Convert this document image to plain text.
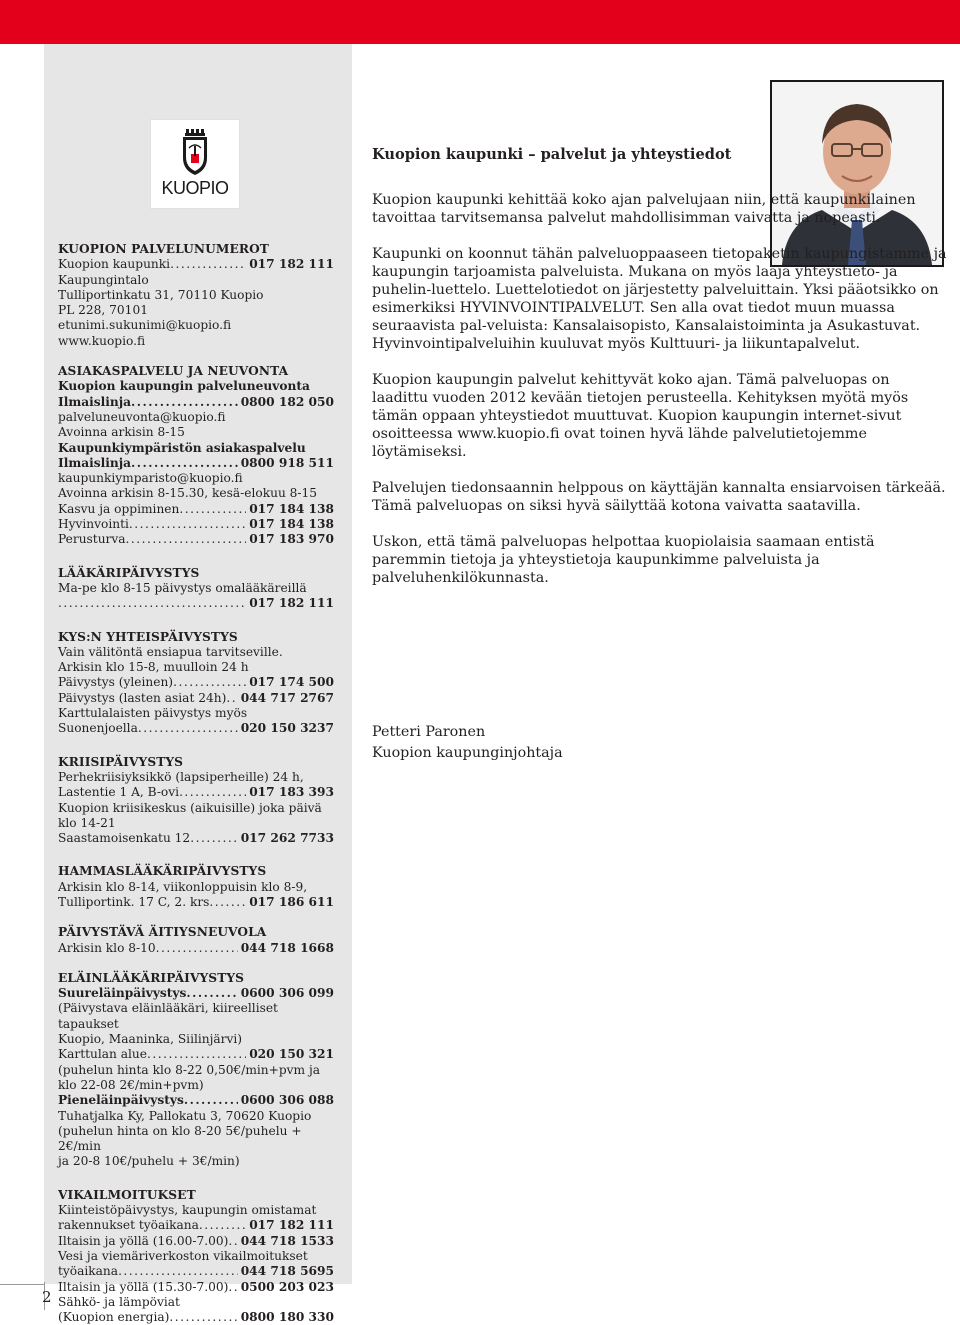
2
KUOPIO
KUOPION PALVELUNUMEROT
Kuopion kaupunki .....	017 182 111
Kaupungintalo
Tulliportinkatu 31, 70110 Kuopio
PL 228, 70101
etunimi.sukunimi@kuopio.fi
www.kuopio.fi
ASIAKASPALVELU JA NEUVONTA
Kuopion kaupungin palveluneuvonta
Ilmaislinja .....	0800 182 050
palveluneuvonta@kuopio.fi
Avoinna arkisin 8-15
Kaupunkiympäristön asiakaspalvelu
Ilmaislinja .....	0800 918 511
kaupunkiymparisto@kuopio.fi
Avoinna arkisin 8-15.30, kesä-elokuu 8-15
Kasvu ja oppiminen .....	017 184 138
Hyvinvointi .....	017 184 138
Perusturva .....	017 183 970
LÄÄKÄRIPÄIVYSTYS
Ma-pe klo 8-15 päivystys omalääkäreillä
.....
017 182 111
KYS:N YHTEISPÄIVYSTYS
Vain välitöntä ensiapua tarvitseville.
Arkisin klo 15-8, muulloin 24 h
Päivystys (yleinen) .....	017 174 500
Päivystys (lasten asiat 24h) ..... 044 717 2767
Karttulalaisten päivystys myös
Suonenjoella .....	020 150 3237
KRIISIPÄIVYSTYS
Perhekriisiyksikkö (lapsiperheille) 24 h,
Lastentie 1 A, B-ovi .....	017 183 393
Kuopion kriisikeskus (aikuisille) joka päivä klo 14-21
Saastamoisenkatu 12 .....	017 262 7733
HAMMASLÄÄKÄRIPÄIVYSTYS
Arkisin klo 8-14, viikonloppuisin klo 8-9,
Tulliportink. 17 C, 2. krs .....	017 186 611
PÄIVYSTÄVÄ ÄITIYSNEUVOLA
Arkisin klo 8-10 .....	044 718 1668
ELÄINLÄÄKÄRIPÄIVYSTYS
Suureläinpäivystys .....	0600 306 099
(Päivystava eläinlääkäri, kiireelliset tapaukset
Kuopio, Maaninka, Siilinjärvi)
Karttulan alue .....	020 150 321
(puhelun hinta klo 8-22 0,50€/min+pvm ja
klo 22-08 2€/min+pvm)
Pieneläinpäivystys .....	0600 306 088
Tuhatjalka Ky, Pallokatu 3, 70620 Kuopio
(puhelun hinta on klo 8-20 5€/puhelu + 2€/min
ja 20-8 10€/puhelu + 3€/min)
VIKAILMOITUKSET
Kiinteistöpäivystys, kaupungin omistamat
rakennukset työaikana .....	017 182 111
Iltaisin ja yöllä (16.00-7.00) ..... 044 718 1533
Vesi ja viemäriverkoston vikailmoitukset
työaikana .....	044 718 5695
Iltaisin ja yöllä (15.30-7.00) ..... 0500 203 023
Sähkö- ja lämpöviat
(Kuopion energia) .....	0800 180 330
Kuopion kaupunki – palvelut ja yhteystiedot

Kuopion kaupunki kehittää koko ajan palvelujaan niin, että kaupunkilainen tavoittaa tarvitsemansa palvelut mahdollisimman vaivatta ja nopeasti.

Kaupunki on koonnut tähän palveluoppaaseen tietopaketin kaupungistamme ja kaupungin tarjoamista palveluista. Mukana on myös laaja yhteystieto- ja puhelin-luettelo. Luettelotiedot on järjestetty palveluittain. Yksi pääotsikko on esimerkiksi HYVINVOINTIPALVELUT. Sen alla ovat tiedot muun muassa seuraavista pal-veluista: Kansalaisopisto, Kansalaistoiminta ja Asukastuvat. Hyvinvointipalveluihin kuuluvat myös Kulttuuri- ja liikuntapalvelut.

Kuopion kaupungin palvelut kehittyvät koko ajan. Tämä palveluopas on laadittu vuoden 2012 kevään tietojen perusteella. Kehityksen myötä myös tämän oppaan yhteystiedot muuttuvat. Kuopion kaupungin internet-sivut osoitteessa www.kuopio.fi ovat toinen hyvä lähde palvelutietojemme löytämiseksi.

Palvelujen tiedonsaannin helppous on käyttäjän kannalta ensiarvoisen tärkeää. Tämä palveluopas on siksi hyvä säilyttää kotona vaivatta saatavilla.

Uskon, että tämä palveluopas helpottaa kuopiolaisia saamaan entistä paremmin tietoja ja yhteystietoja kaupunkimme palveluista ja palveluhenkilökunnasta.

Petteri Paronen
Kuopion kaupunginjohtaja
